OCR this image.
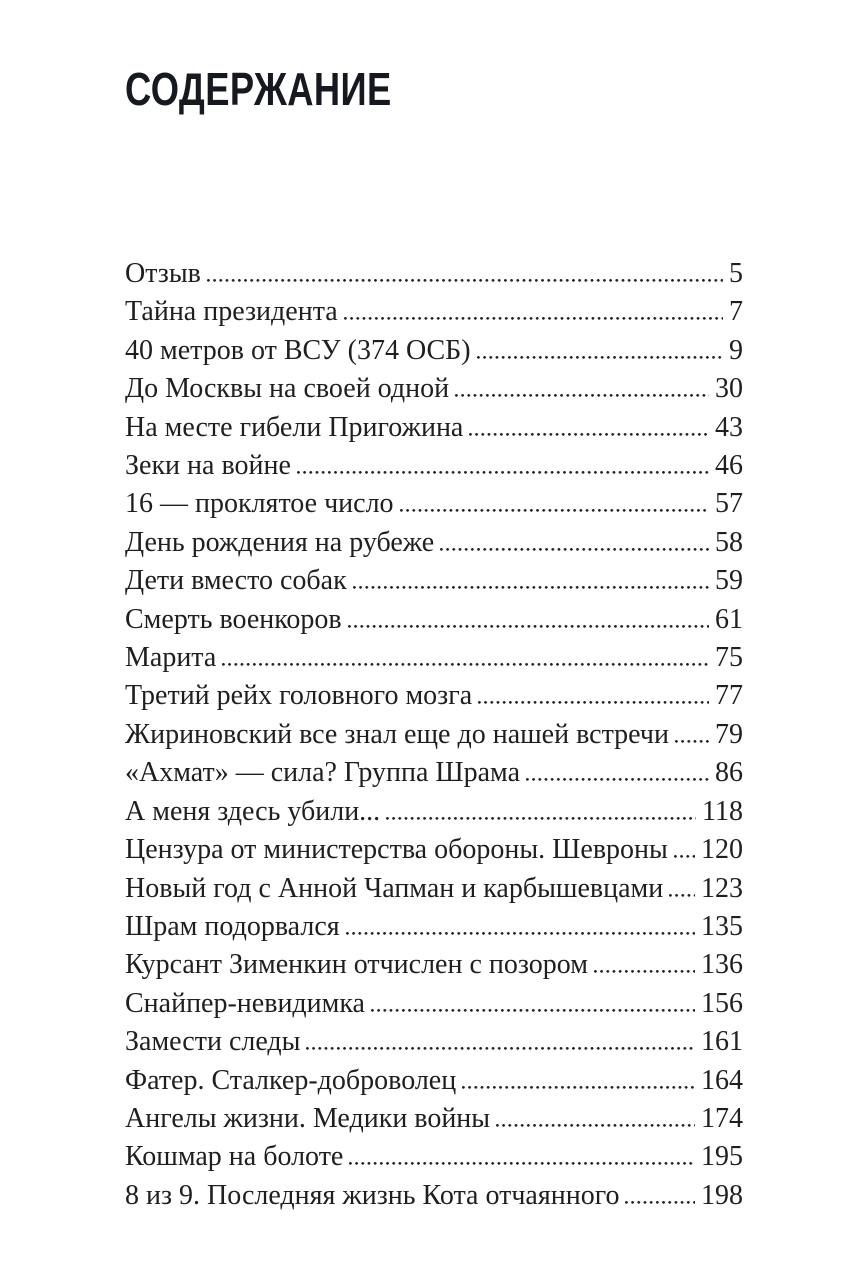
СОДЕРЖАНИЕ
Отзыв	5
Тайна президента	7
40 метров от ВСУ (374 ОСБ)	9
До Москвы на своей одной	30
На месте гибели Пригожина	43
Зеки на войне	46
16 — проклятое число	57
День рождения на рубеже	58
Дети вместо собак	59
Смерть военкоров	61
Марита	75
Третий рейх головного мозга	77
Жириновский все знал еще до нашей встречи 79
«Ахмат» — сила? Группа Шрама	86
А меня здесь убили...	118
Цензура от министерства обороны. Шевроны 120
Новый год с Анной Чапман и карбышевцами 123
Шрам подорвался	135
Курсант Зименкин отчислен с позором	136
Снайпер-невидимка	156
Замести следы	161
Фатер. Сталкер-доброволец	164
Ангелы жизни. Медики войны	174
Кошмар на болоте	195
8 из 9. Последняя жизнь Кота отчаянного	198
